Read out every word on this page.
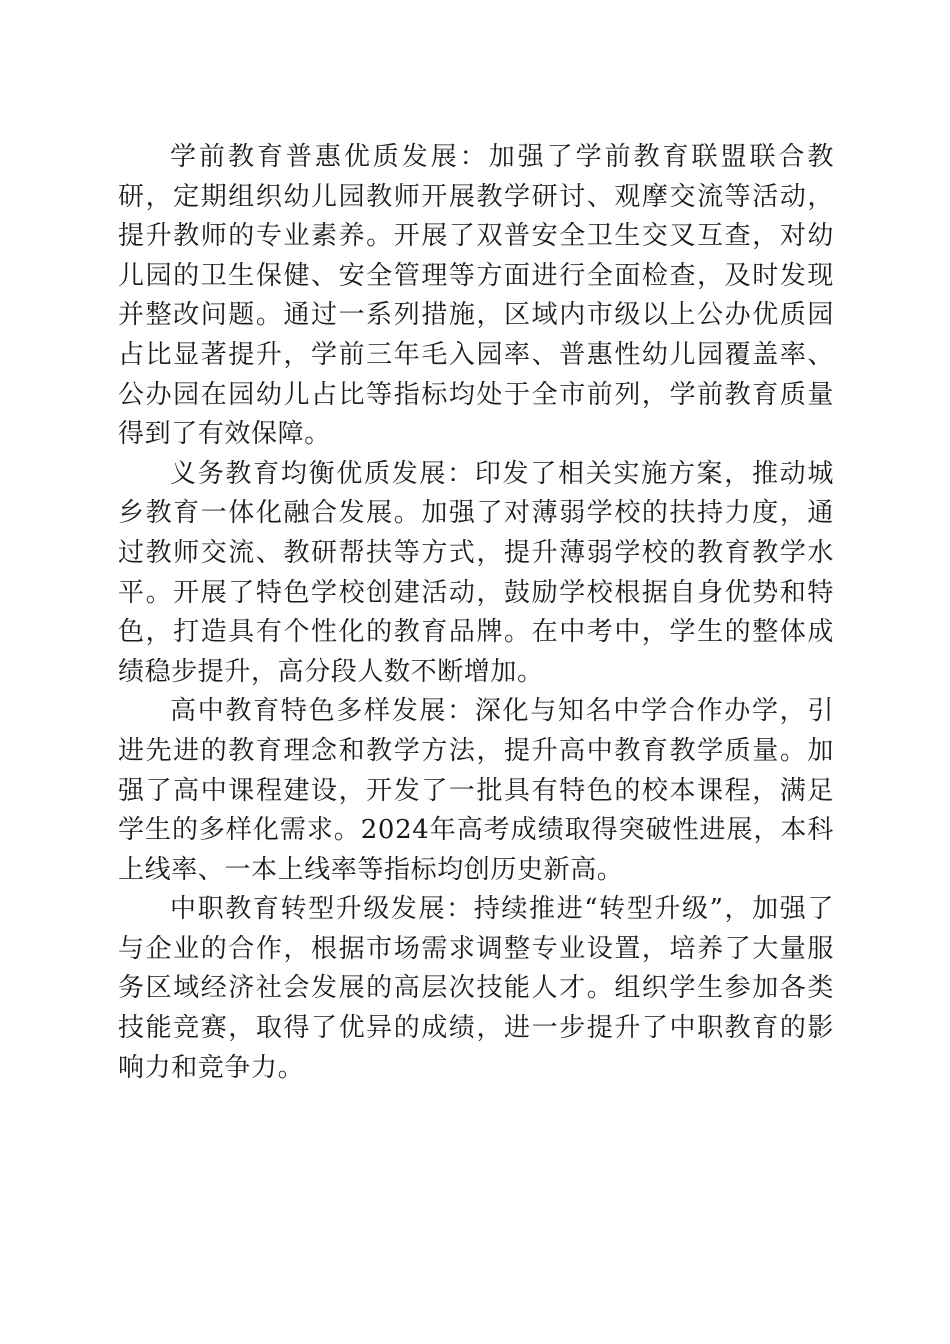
学前教育普惠优质发展：加强了学前教育联盟联合教研，定期组织幼儿园教师开展教学研讨、观摩交流等活动，提升教师的专业素养。开展了双普安全卫生交叉互查，对幼儿园的卫生保健、安全管理等方面进行全面检查，及时发现并整改问题。通过一系列措施，区域内市级以上公办优质园占比显著提升，学前三年毛入园率、普惠性幼儿园覆盖率、公办园在园幼儿占比等指标均处于全市前列，学前教育质量得到了有效保障。

义务教育均衡优质发展：印发了相关实施方案，推动城乡教育一体化融合发展。加强了对薄弱学校的扶持力度，通过教师交流、教研帮扶等方式，提升薄弱学校的教育教学水平。开展了特色学校创建活动，鼓励学校根据自身优势和特色，打造具有个性化的教育品牌。在中考中，学生的整体成绩稳步提升，高分段人数不断增加。

高中教育特色多样发展：深化与知名中学合作办学，引进先进的教育理念和教学方法，提升高中教育教学质量。加强了高中课程建设，开发了一批具有特色的校本课程，满足学生的多样化需求。2024年高考成绩取得突破性进展，本科上线率、一本上线率等指标均创历史新高。

中职教育转型升级发展：持续推进“转型升级”，加强了与企业的合作，根据市场需求调整专业设置，培养了大量服务区域经济社会发展的高层次技能人才。组织学生参加各类技能竞赛，取得了优异的成绩，进一步提升了中职教育的影响力和竞争力。
